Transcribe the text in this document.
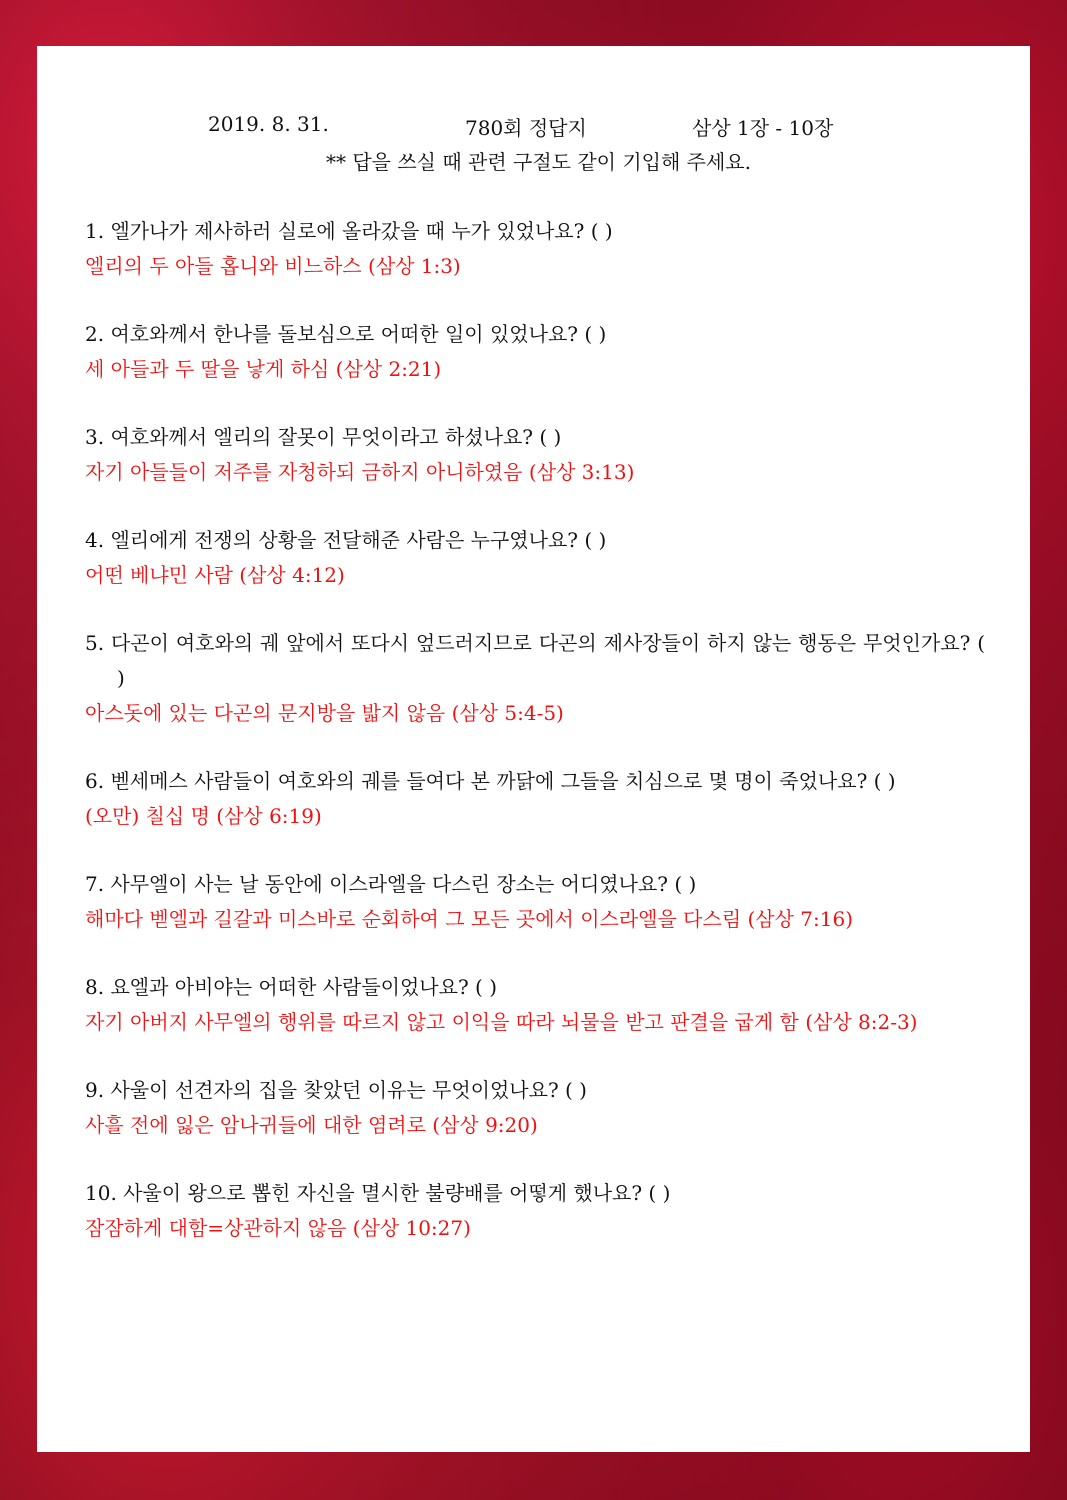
2019. 8. 31.	780회 정답지	삼상 1장 - 10장
** 답을 쓰실 때 관련 구절도 같이 기입해 주세요.
1. 엘가나가 제사하러 실로에 올라갔을 때 누가 있었나요? ( )
엘리의 두 아들 홉니와 비느하스 (삼상 1:3)
2. 여호와께서 한나를 돌보심으로 어떠한 일이 있었나요? ( )
세 아들과 두 딸을 낳게 하심 (삼상 2:21)
3. 여호와께서 엘리의 잘못이 무엇이라고 하셨나요? ( )
자기 아들들이 저주를 자청하되 금하지 아니하였음 (삼상 3:13)
4. 엘리에게 전쟁의 상황을 전달해준 사람은 누구였나요? ( )
어떤 베냐민 사람 (삼상 4:12)
5. 다곤이 여호와의 궤 앞에서 또다시 엎드러지므로 다곤의 제사장들이 하지 않는 행동은 무엇인가요? ( )
아스돗에 있는 다곤의 문지방을 밟지 않음 (삼상 5:4-5)
6. 벧세메스 사람들이 여호와의 궤를 들여다 본 까닭에 그들을 치심으로 몇 명이 죽었나요? ( )
(오만) 칠십 명 (삼상 6:19)
7. 사무엘이 사는 날 동안에 이스라엘을 다스린 장소는 어디였나요? ( )
해마다 벧엘과 길갈과 미스바로 순회하여 그 모든 곳에서 이스라엘을 다스림 (삼상 7:16)
8. 요엘과 아비야는 어떠한 사람들이었나요? ( )
자기 아버지 사무엘의 행위를 따르지 않고 이익을 따라 뇌물을 받고 판결을 굽게 함 (삼상 8:2-3)
9. 사울이 선견자의 집을 찾았던 이유는 무엇이었나요? ( )
사흘 전에 잃은 암나귀들에 대한 염려로 (삼상 9:20)
10. 사울이 왕으로 뽑힌 자신을 멸시한 불량배를 어떻게 했나요? ( )
잠잠하게 대함=상관하지 않음 (삼상 10:27)
